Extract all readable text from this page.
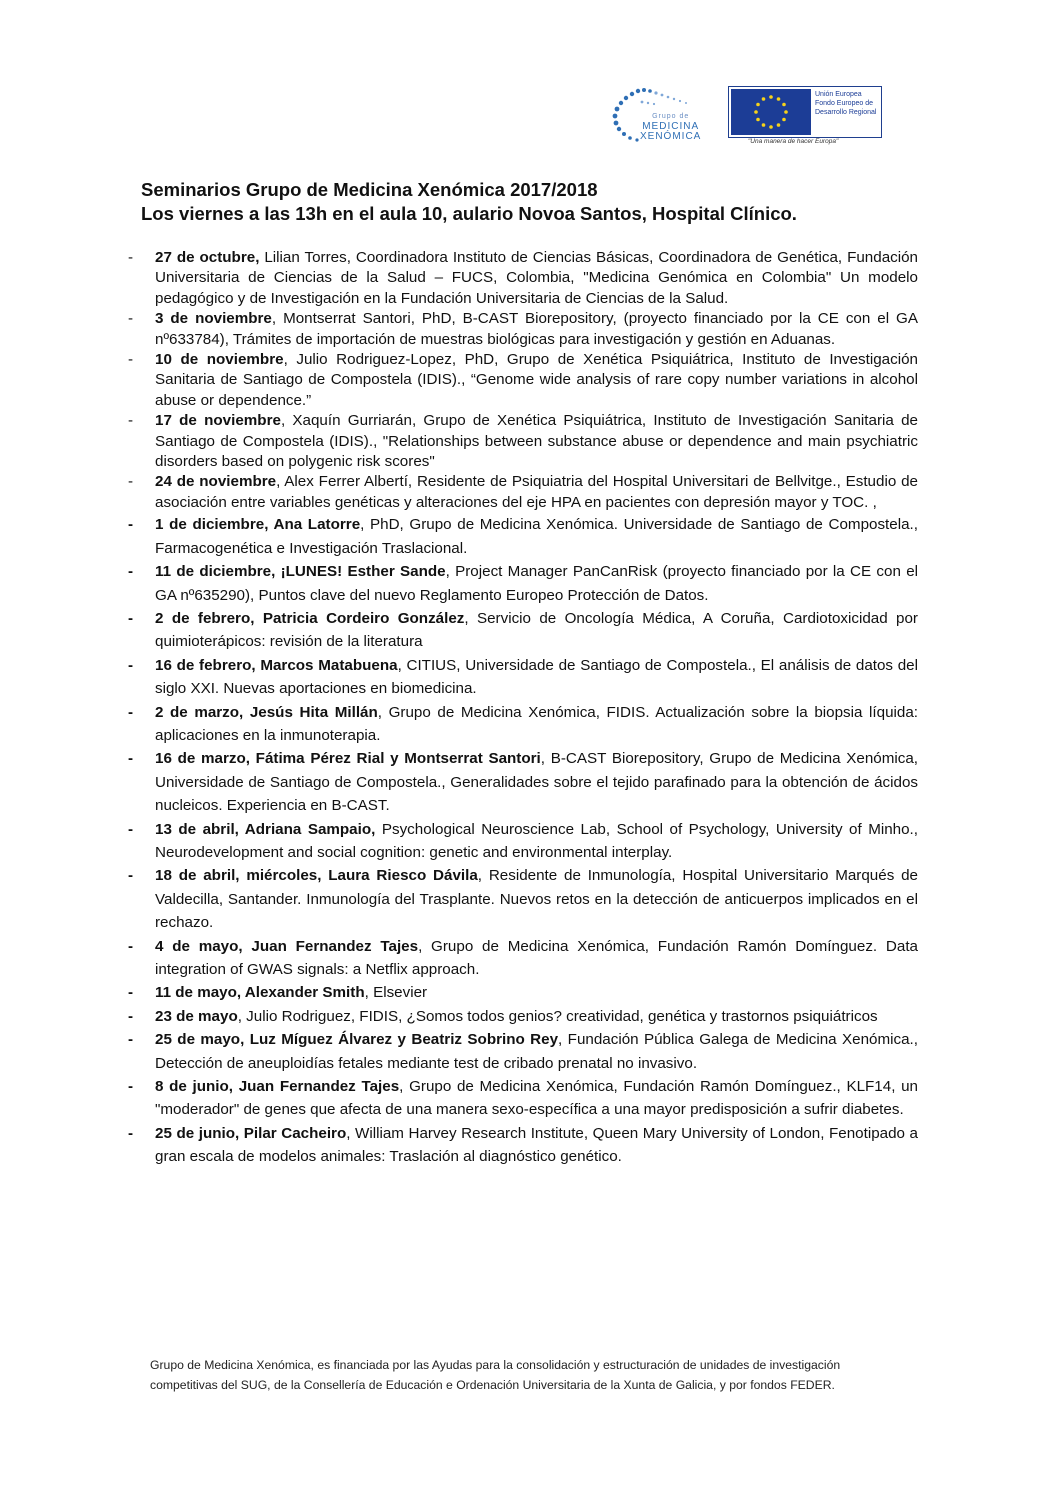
Grupo de
MEDICINA
XENÓMICA
Unión Europea
Fondo Europeo de
Desarrollo Regional
"Una manera de hacer Europa"
Seminarios Grupo de Medicina Xenómica 2017/2018
Los viernes a las 13h en el aula 10, aulario Novoa Santos, Hospital Clínico.
- 27 de octubre, Lilian Torres, Coordinadora Instituto de Ciencias Básicas, Coordinadora de Genética, Fundación Universitaria de Ciencias de la Salud – FUCS, Colombia, "Medicina Genómica en Colombia" Un modelo pedagógico y de Investigación en la Fundación Universitaria de Ciencias de la Salud.
- 3 de noviembre, Montserrat Santori, PhD, B-CAST Biorepository, (proyecto financiado por la CE con el GA nº633784), Trámites de importación de muestras biológicas para investigación y gestión en Aduanas.
- 10 de noviembre, Julio Rodriguez-Lopez, PhD, Grupo de Xenética Psiquiátrica, Instituto de Investigación Sanitaria de Santiago de Compostela (IDIS)., “Genome wide analysis of rare copy number variations in alcohol abuse or dependence.”
- 17 de noviembre, Xaquín Gurriarán, Grupo de Xenética Psiquiátrica, Instituto de Investigación Sanitaria de Santiago de Compostela (IDIS)., "Relationships between substance abuse or dependence and main psychiatric disorders based on polygenic risk scores"
- 24 de noviembre, Alex Ferrer Albertí, Residente de Psiquiatria del Hospital Universitari de Bellvitge., Estudio de asociación entre variables genéticas y alteraciones del eje HPA en pacientes con depresión mayor y TOC. ,
- 1 de diciembre, Ana Latorre, PhD, Grupo de Medicina Xenómica. Universidade de Santiago de Compostela., Farmacogenética e Investigación Traslacional.
- 11 de diciembre, ¡LUNES! Esther Sande, Project Manager PanCanRisk (proyecto financiado por la CE con el GA nº635290), Puntos clave del nuevo Reglamento Europeo Protección de Datos.
- 2 de febrero, Patricia Cordeiro González, Servicio de Oncología Médica, A Coruña, Cardiotoxicidad por quimioterápicos: revisión de la literatura
- 16 de febrero, Marcos Matabuena, CITIUS, Universidade de Santiago de Compostela., El análisis de datos del siglo XXI. Nuevas aportaciones en biomedicina.
- 2 de marzo, Jesús Hita Millán, Grupo de Medicina Xenómica, FIDIS. Actualización sobre la biopsia líquida: aplicaciones en la inmunoterapia.
- 16 de marzo, Fátima Pérez Rial y Montserrat Santori, B-CAST Biorepository, Grupo de Medicina Xenómica, Universidade de Santiago de Compostela., Generalidades sobre el tejido parafinado para la obtención de ácidos nucleicos. Experiencia en B-CAST.
- 13 de abril, Adriana Sampaio, Psychological Neuroscience Lab, School of Psychology, University of Minho., Neurodevelopment and social cognition: genetic and environmental interplay.
- 18 de abril, miércoles, Laura Riesco Dávila, Residente de Inmunología, Hospital Universitario Marqués de Valdecilla, Santander. Inmunología del Trasplante. Nuevos retos en la detección de anticuerpos implicados en el rechazo.
- 4 de mayo, Juan Fernandez Tajes, Grupo de Medicina Xenómica, Fundación Ramón Domínguez. Data integration of GWAS signals: a Netflix approach.
- 11 de mayo, Alexander Smith, Elsevier
- 23 de mayo, Julio Rodriguez, FIDIS, ¿Somos todos genios? creatividad, genética y trastornos psiquiátricos
- 25 de mayo, Luz Míguez Álvarez y Beatriz Sobrino Rey, Fundación Pública Galega de Medicina Xenómica., Detección de aneuploidías fetales mediante test de cribado prenatal no invasivo.
- 8 de junio, Juan Fernandez Tajes, Grupo de Medicina Xenómica, Fundación Ramón Domínguez., KLF14, un "moderador" de genes que afecta de una manera sexo-específica a una mayor predisposición a sufrir diabetes.
- 25 de junio, Pilar Cacheiro, William Harvey Research Institute, Queen Mary University of London, Fenotipado a gran escala de modelos animales: Traslación al diagnóstico genético.
Grupo de Medicina Xenómica, es financiada por las Ayudas para la consolidación y estructuración de unidades de investigación competitivas del SUG, de la Consellería de Educación e Ordenación Universitaria de la Xunta de Galicia, y por fondos FEDER.
